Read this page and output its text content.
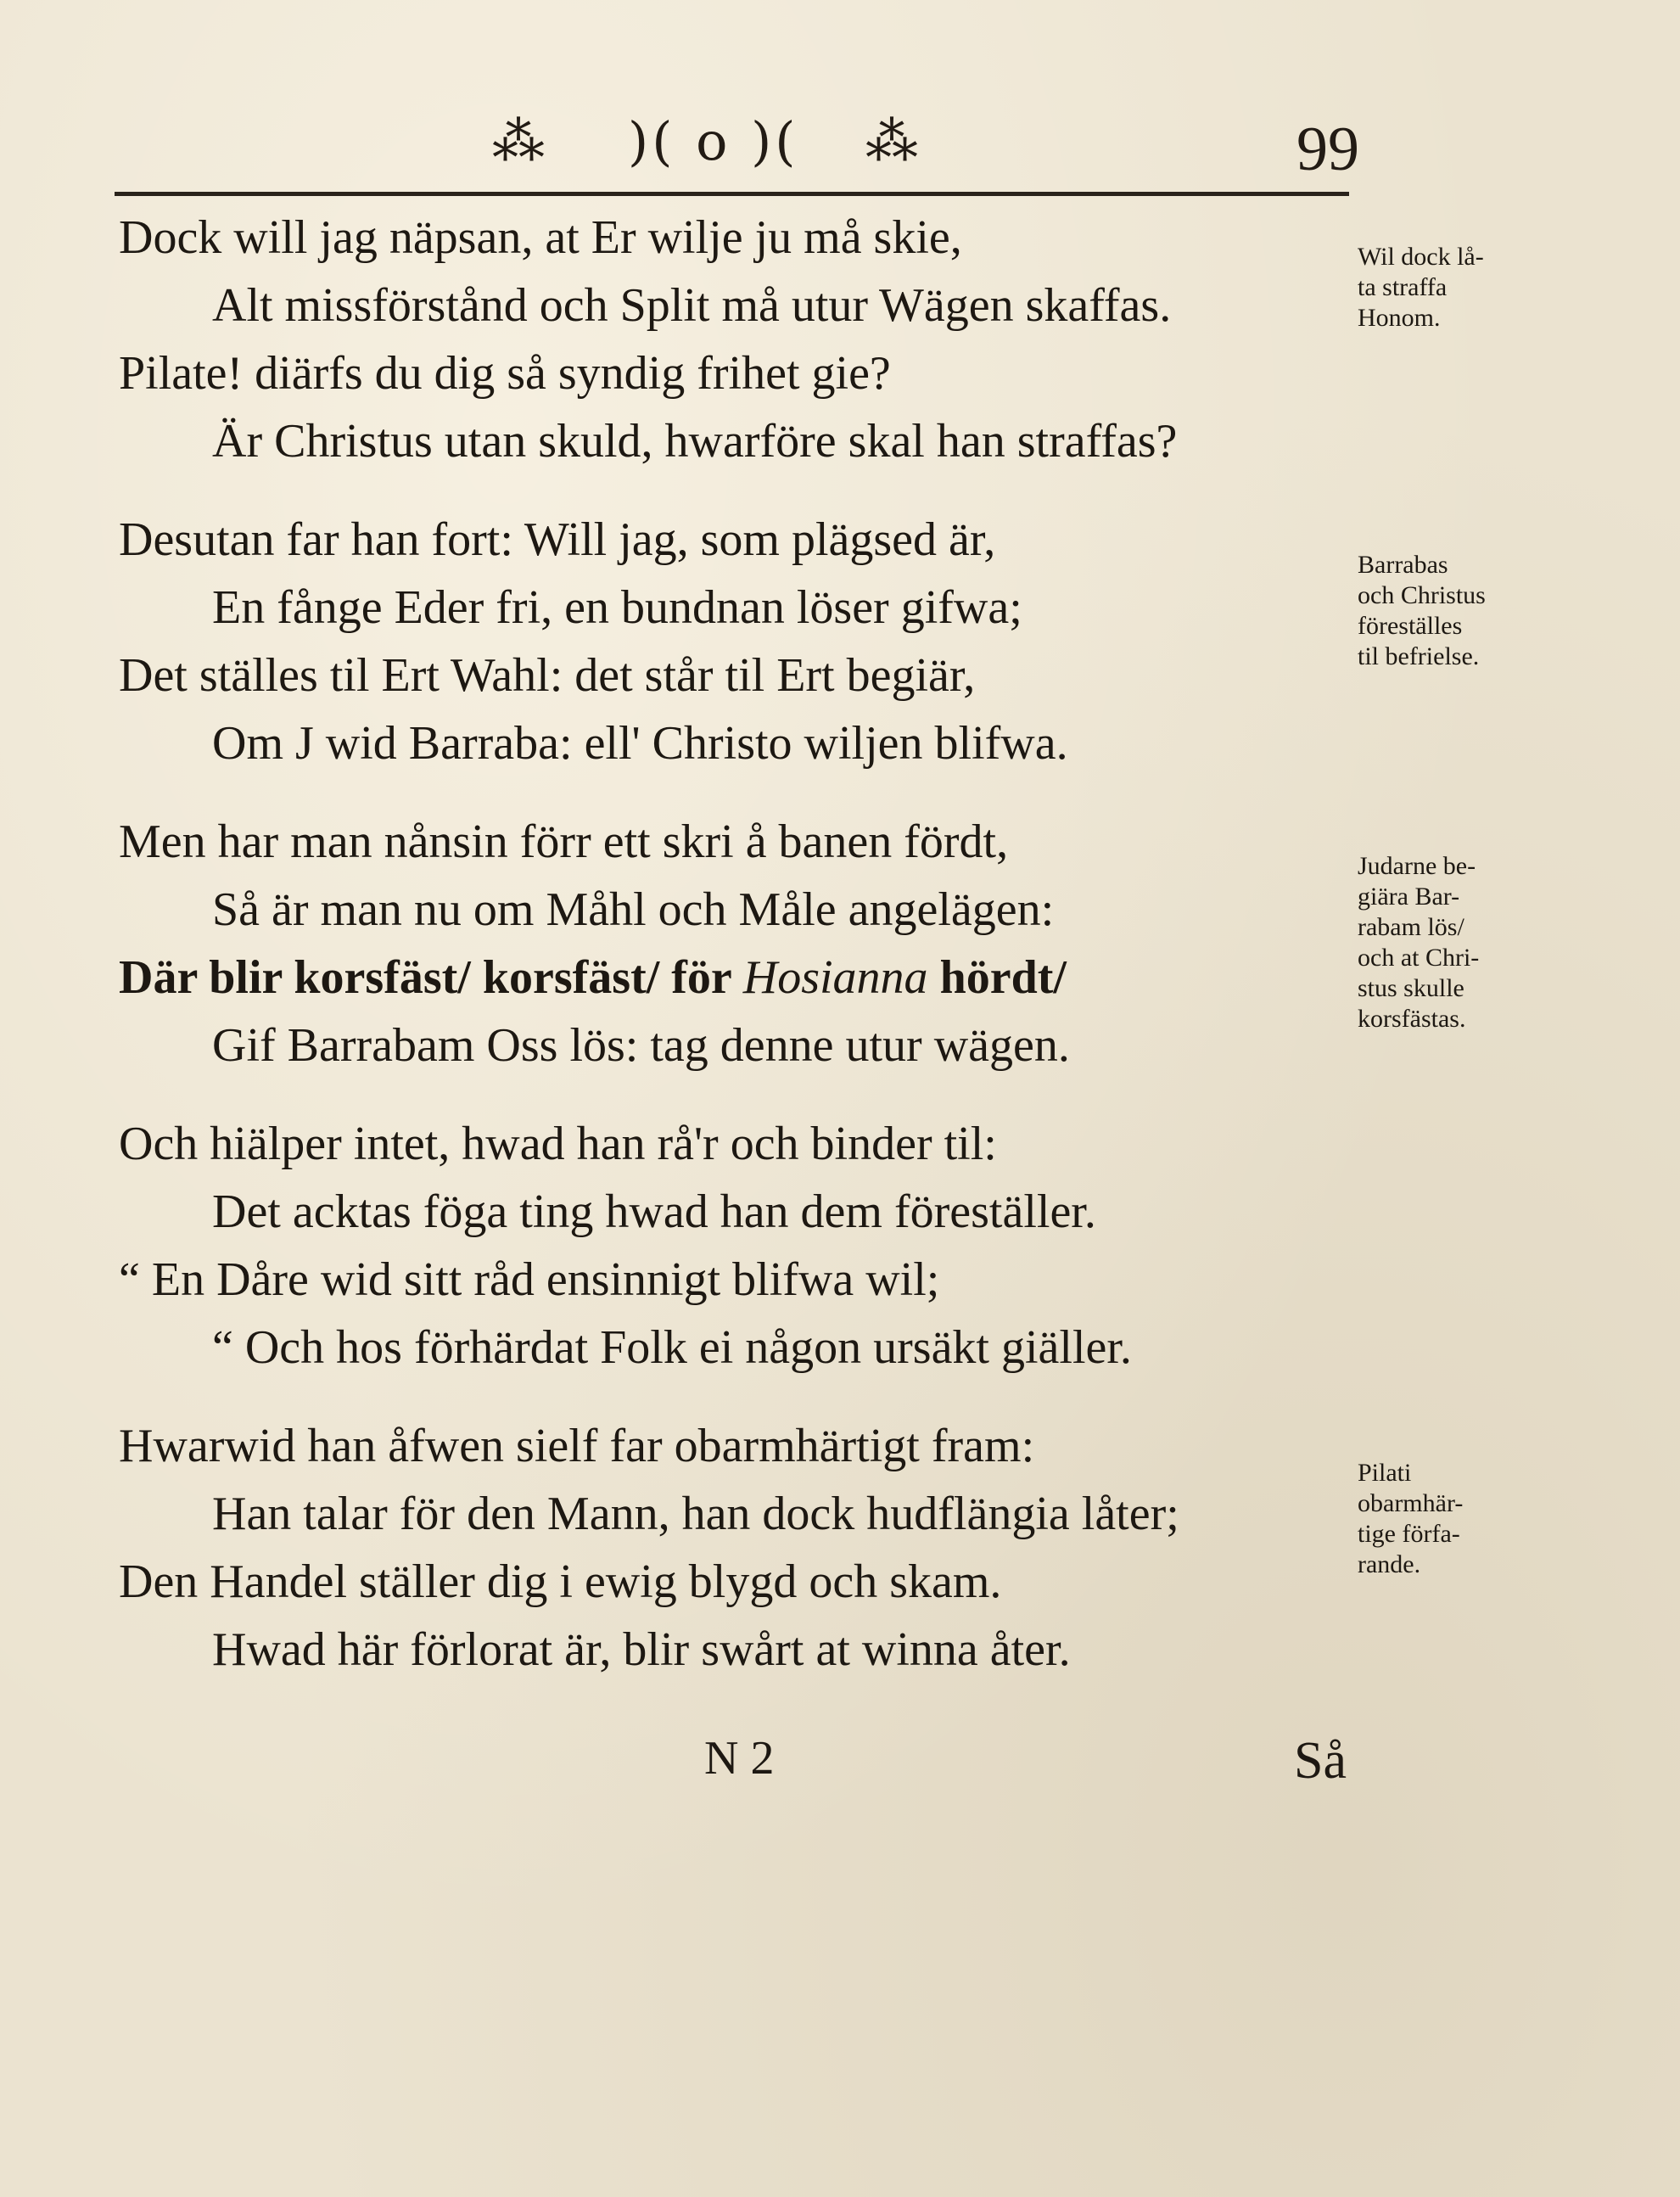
⁂ )( o )( ⁂	99
Dock will jag näpsan, at Er wilje ju må skie,
Alt missförstånd och Split må utur Wägen skaffas.
Pilate! diärfs du dig så syndig frihet gie?
Är Christus utan skuld, hwarföre skal han straffas?
Desutan far han fort: Will jag, som plägsed är,
En fånge Eder fri, en bundnan löser gifwa;
Det ställes til Ert Wahl: det står til Ert begiär,
Om J wid Barraba: ell' Christo wiljen blifwa.
Men har man nånsin förr ett skri å banen fördt,
Så är man nu om Måhl och Måle angelägen:
Där blir korsfäst/ korsfäst/ för Hosianna hördt/
Gif Barrabam Oss lös: tag denne utur wägen.
Och hiälper intet, hwad han rå'r och binder til:
Det acktas föga ting hwad han dem föreställer.
“ En Dåre wid sitt råd ensinnigt blifwa wil;
“ Och hos förhärdat Folk ei någon ursäkt giäller.
Hwarwid han åfwen sielf far obarmhärtigt fram:
Han talar för den Mann, han dock hudflängia låter;
Den Handel ställer dig i ewig blygd och skam.
Hwad här förlorat är, blir swårt at winna åter.
Wil dock lå-
ta straffa
Honom.
Barrabas
och Christus
föreställes
til befrielse.
Judarne be-
giära Bar-
rabam lös/
och at Chri-
stus skulle
korsfästas.
Pilati
obarmhär-
tige förfa-
rande.
N 2	Så
